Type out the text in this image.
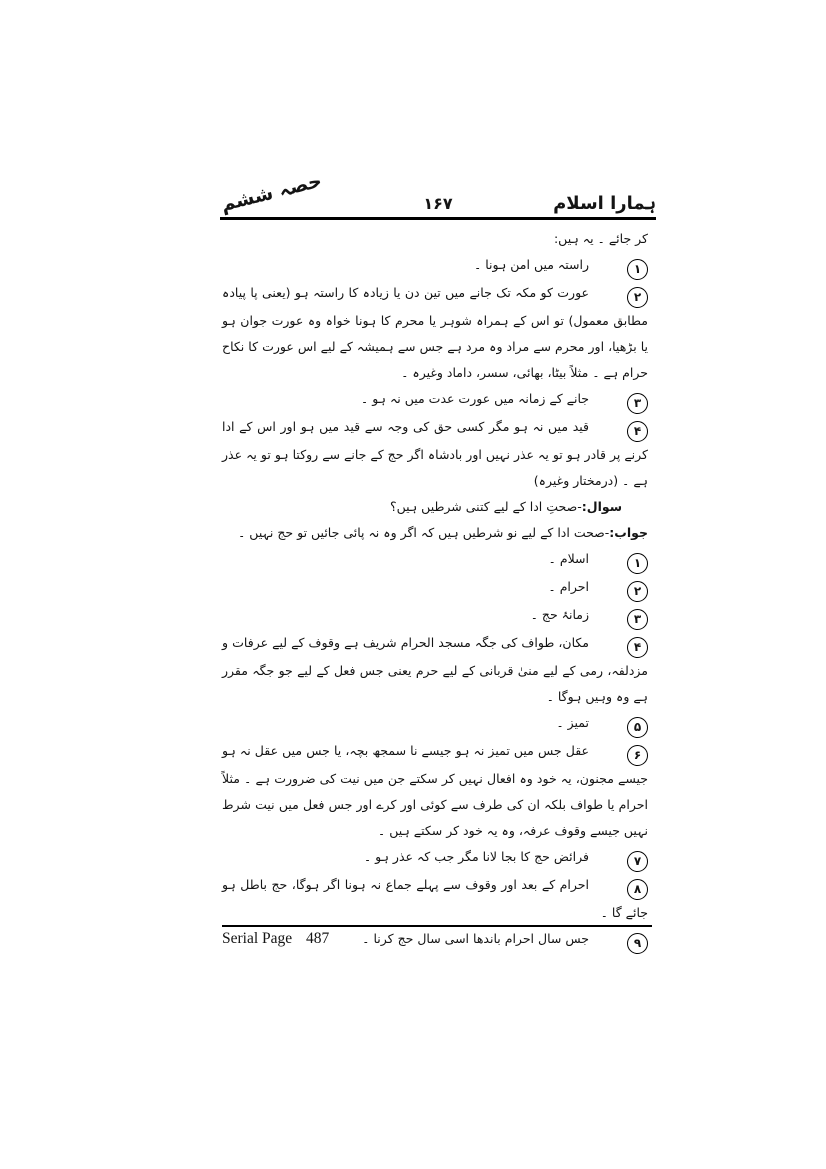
ہمارا اسلام
۱۶۷
حصہ ششم
کر جائے ۔ یہ ہیں:
۱راستہ میں امن ہونا ۔
۲عورت کو مکہ تک جانے میں تین دن یا زیادہ کا راستہ ہو (یعنی پا پیادہ مطابق معمول) تو اس کے ہمراہ شوہر یا محرم کا ہونا خواہ وہ عورت جوان ہو یا بڑھیا، اور محرم سے مراد وہ مرد ہے جس سے ہمیشہ کے لیے اس عورت کا نکاح حرام ہے ۔ مثلاً بیٹا، بھائی، سسر، داماد وغیرہ ۔
۳جانے کے زمانہ میں عورت عدت میں نہ ہو ۔
۴قید میں نہ ہو مگر کسی حق کی وجہ سے قید میں ہو اور اس کے ادا کرنے پر قادر ہو تو یہ عذر نہیں اور بادشاہ اگر حج کے جانے سے روکتا ہو تو یہ عذر ہے ۔ (درمختار وغیرہ)
سوال:-صحتِ ادا کے لیے کتنی شرطیں ہیں؟
جواب:-صحت ادا کے لیے نو شرطیں ہیں کہ اگر وہ نہ پائی جائیں تو حج نہیں ۔
۱اسلام ۔
۲احرام ۔
۳زمانۂ حج ۔
۴مکان، طواف کی جگہ مسجد الحرام شریف ہے وقوف کے لیے عرفات و مزدلفہ، رمی کے لیے منیٰ قربانی کے لیے حرم یعنی جس فعل کے لیے جو جگہ مقرر ہے وہ وہیں ہوگا ۔
۵تمیز ۔
۶عقل جس میں تمیز نہ ہو جیسے نا سمجھ بچہ، یا جس میں عقل نہ ہو جیسے مجنون، یہ خود وہ افعال نہیں کر سکتے جن میں نیت کی ضرورت ہے ۔ مثلاً احرام یا طواف بلکہ ان کی طرف سے کوئی اور کرے اور جس فعل میں نیت شرط نہیں جیسے وقوف عرفہ، وہ یہ خود کر سکتے ہیں ۔
۷فرائض حج کا بجا لانا مگر جب کہ عذر ہو ۔
۸احرام کے بعد اور وقوف سے پہلے جماع نہ ہونا اگر ہوگا، حج باطل ہو جائے گا ۔
۹جس سال احرام باندھا اسی سال حج کرنا ۔
Serial Page 487
